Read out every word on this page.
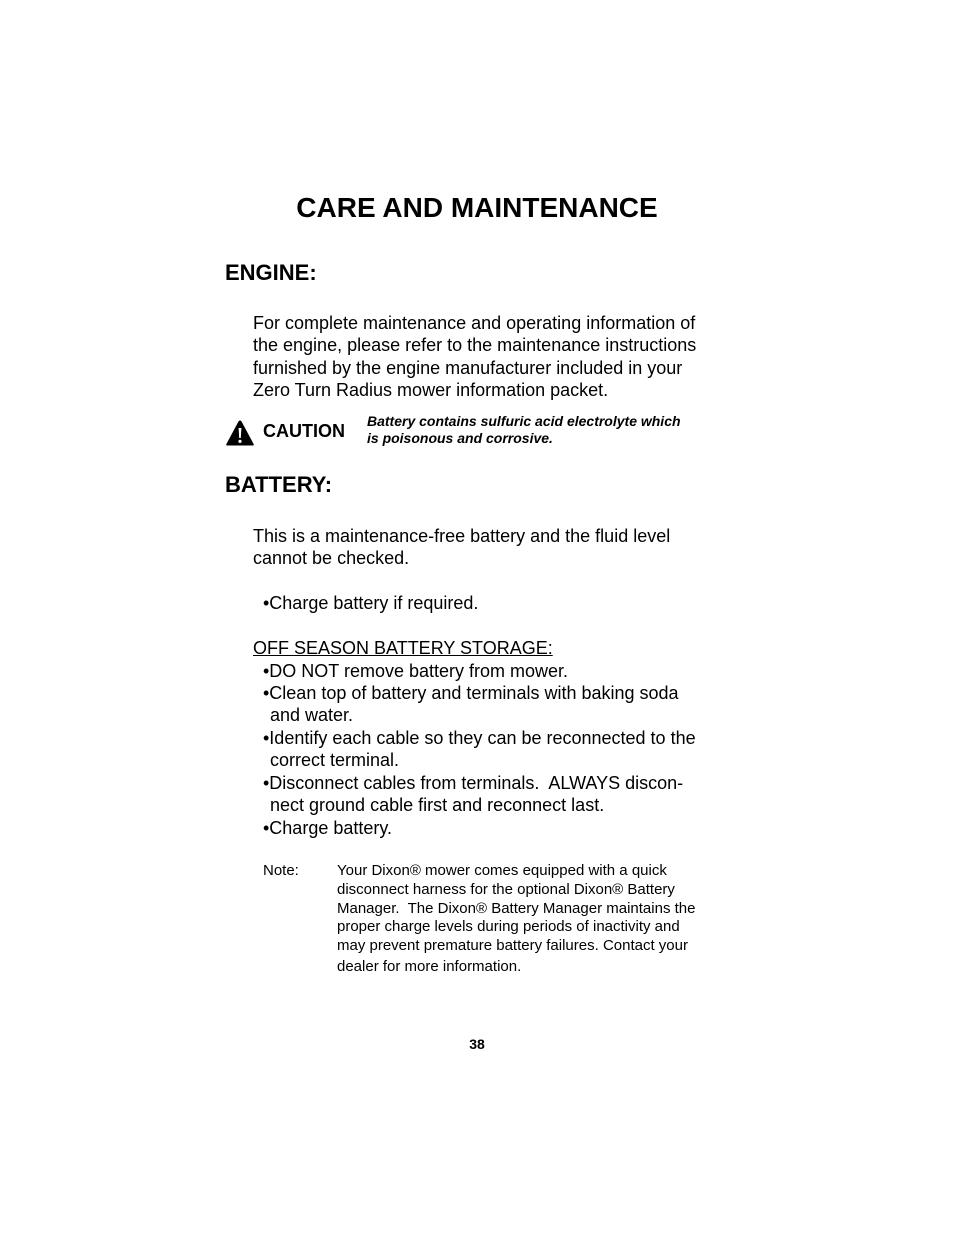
CARE AND MAINTENANCE
ENGINE:
For complete maintenance and operating information of
the engine, please refer to the maintenance instructions
furnished by the engine manufacturer included in your
Zero Turn Radius mower information packet.
CAUTION Battery contains sulfuric acid electrolyte which
is poisonous and corrosive.
BATTERY:
This is a maintenance-free battery and the fluid level
cannot be checked.
•Charge battery if required.
OFF SEASON BATTERY STORAGE:
•DO NOT remove battery from mower.
•Clean top of battery and terminals with baking soda
and water.
•Identify each cable so they can be reconnected to the
correct terminal.
•Disconnect cables from terminals.  ALWAYS discon-
nect ground cable first and reconnect last.
•Charge battery.
Note:	Your Dixon® mower comes equipped with a quick
disconnect harness for the optional Dixon® Battery
Manager.  The Dixon® Battery Manager maintains the
proper charge levels during periods of inactivity and
may prevent premature battery failures. Contact your
dealer for more information.
38
